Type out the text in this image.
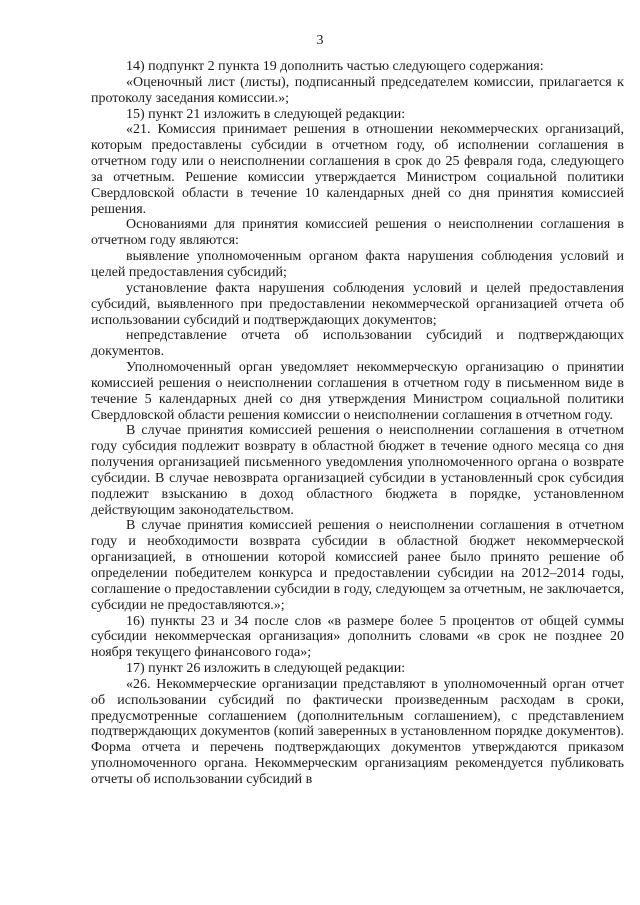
3

14) подпункт 2 пункта 19 дополнить частью следующего содержания:

«Оценочный лист (листы), подписанный председателем комиссии, прилагается к протоколу заседания комиссии.»;

15) пункт 21 изложить в следующей редакции:

«21. Комиссия принимает решения в отношении некоммерческих организаций, которым предоставлены субсидии в отчетном году, об исполнении соглашения в отчетном году или о неисполнении соглашения в срок до 25 февраля года, следующего за отчетным. Решение комиссии утверждается Министром социальной политики Свердловской области в течение 10 календарных дней со дня принятия комиссией решения.

Основаниями для принятия комиссией решения о неисполнении соглашения в отчетном году являются:

выявление уполномоченным органом факта нарушения соблюдения условий и целей предоставления субсидий;

установление факта нарушения соблюдения условий и целей предоставления субсидий, выявленного при предоставлении некоммерческой организацией отчета об использовании субсидий и подтверждающих документов;

непредставление отчета об использовании субсидий и подтверждающих документов.

Уполномоченный орган уведомляет некоммерческую организацию о принятии комиссией решения о неисполнении соглашения в отчетном году в письменном виде в течение 5 календарных дней со дня утверждения Министром социальной политики Свердловской области решения комиссии о неисполнении соглашения в отчетном году.

В случае принятия комиссией решения о неисполнении соглашения в отчетном году субсидия подлежит возврату в областной бюджет в течение одного месяца со дня получения организацией письменного уведомления уполномоченного органа о возврате субсидии. В случае невозврата организацией субсидии в установленный срок субсидия подлежит взысканию в доход областного бюджета в порядке, установленном действующим законодательством.

В случае принятия комиссией решения о неисполнении соглашения в отчетном году и необходимости возврата субсидии в областной бюджет некоммерческой организацией, в отношении которой комиссией ранее было принято решение об определении победителем конкурса и предоставлении субсидии на 2012–2014 годы, соглашение о предоставлении субсидии в году, следующем за отчетным, не заключается, субсидии не предоставляются.»;

16) пункты 23 и 34 после слов «в размере более 5 процентов от общей суммы субсидии некоммерческая организация» дополнить словами «в срок не позднее 20 ноября текущего финансового года»;

17) пункт 26 изложить в следующей редакции:

«26. Некоммерческие организации представляют в уполномоченный орган отчет об использовании субсидий по фактически произведенным расходам в сроки, предусмотренные соглашением (дополнительным соглашением), с представлением подтверждающих документов (копий заверенных в установленном порядке документов). Форма отчета и перечень подтверждающих документов утверждаются приказом уполномоченного органа. Некоммерческим организациям рекомендуется публиковать отчеты об использовании субсидий в
